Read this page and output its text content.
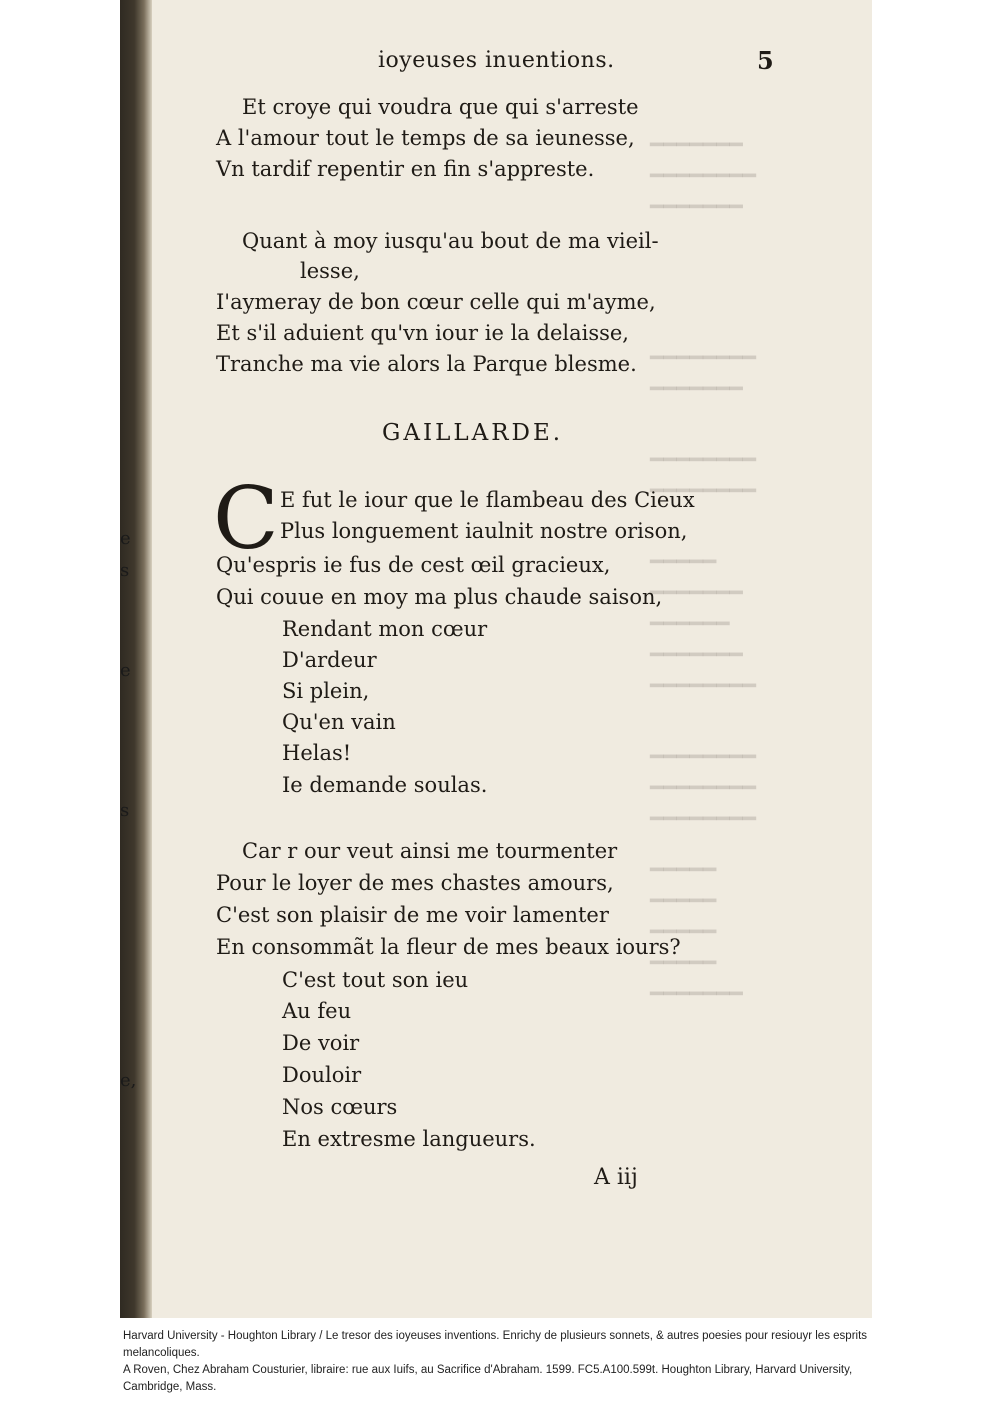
e
s
e
s
e,
━━━━━━━
━━━━━━━━
━━━━━━━
━━━━━━━━
━━━━━━━
━━━━━━━━
━━━━━━━━
━━━━━
━━━━━━━
━━━━━━
━━━━━━━
━━━━━━━━
━━━━━━━━
━━━━━━━━
━━━━━━━━
━━━━━
━━━━━
━━━━━
━━━━━
━━━━━━━
ioyeuses inuentions.	5
Et croye qui voudra que qui s'arreste
A l'amour tout le temps de sa ieunesse,
Vn tardif repentir en fin s'appreste.
Quant à moy iusqu'au bout de ma vieil-
lesse,
I'aymeray de bon cœur celle qui m'ayme,
Et s'il aduient qu'vn iour ie la delaisse,
Tranche ma vie alors la Parque blesme.
GAILLARDE.
C E fut le iour que le flambeau des Cieux
Plus longuement iaulnit nostre orison,
Qu'espris ie fus de cest œil gracieux,
Qui couue en moy ma plus chaude saison,
Rendant mon cœur
D'ardeur
Si plein,
Qu'en vain
Helas!
Ie demande soulas.
Car r our veut ainsi me tourmenter
Pour le loyer de mes chastes amours,
C'est son plaisir de me voir lamenter
En consommãt la fleur de mes beaux iours?
C'est tout son ieu
Au feu
De voir
Douloir
Nos cœurs
En extresme langueurs.
A iij

Harvard University - Houghton Library / Le tresor des ioyeuses inventions. Enrichy de plusieurs sonnets, & autres poesies pour resiouyr les esprits melancoliques.

A Roven, Chez Abraham Cousturier, libraire: rue aux Iuifs, au Sacrifice d'Abraham. 1599. FC5.A100.599t. Houghton Library, Harvard University, Cambridge, Mass.
